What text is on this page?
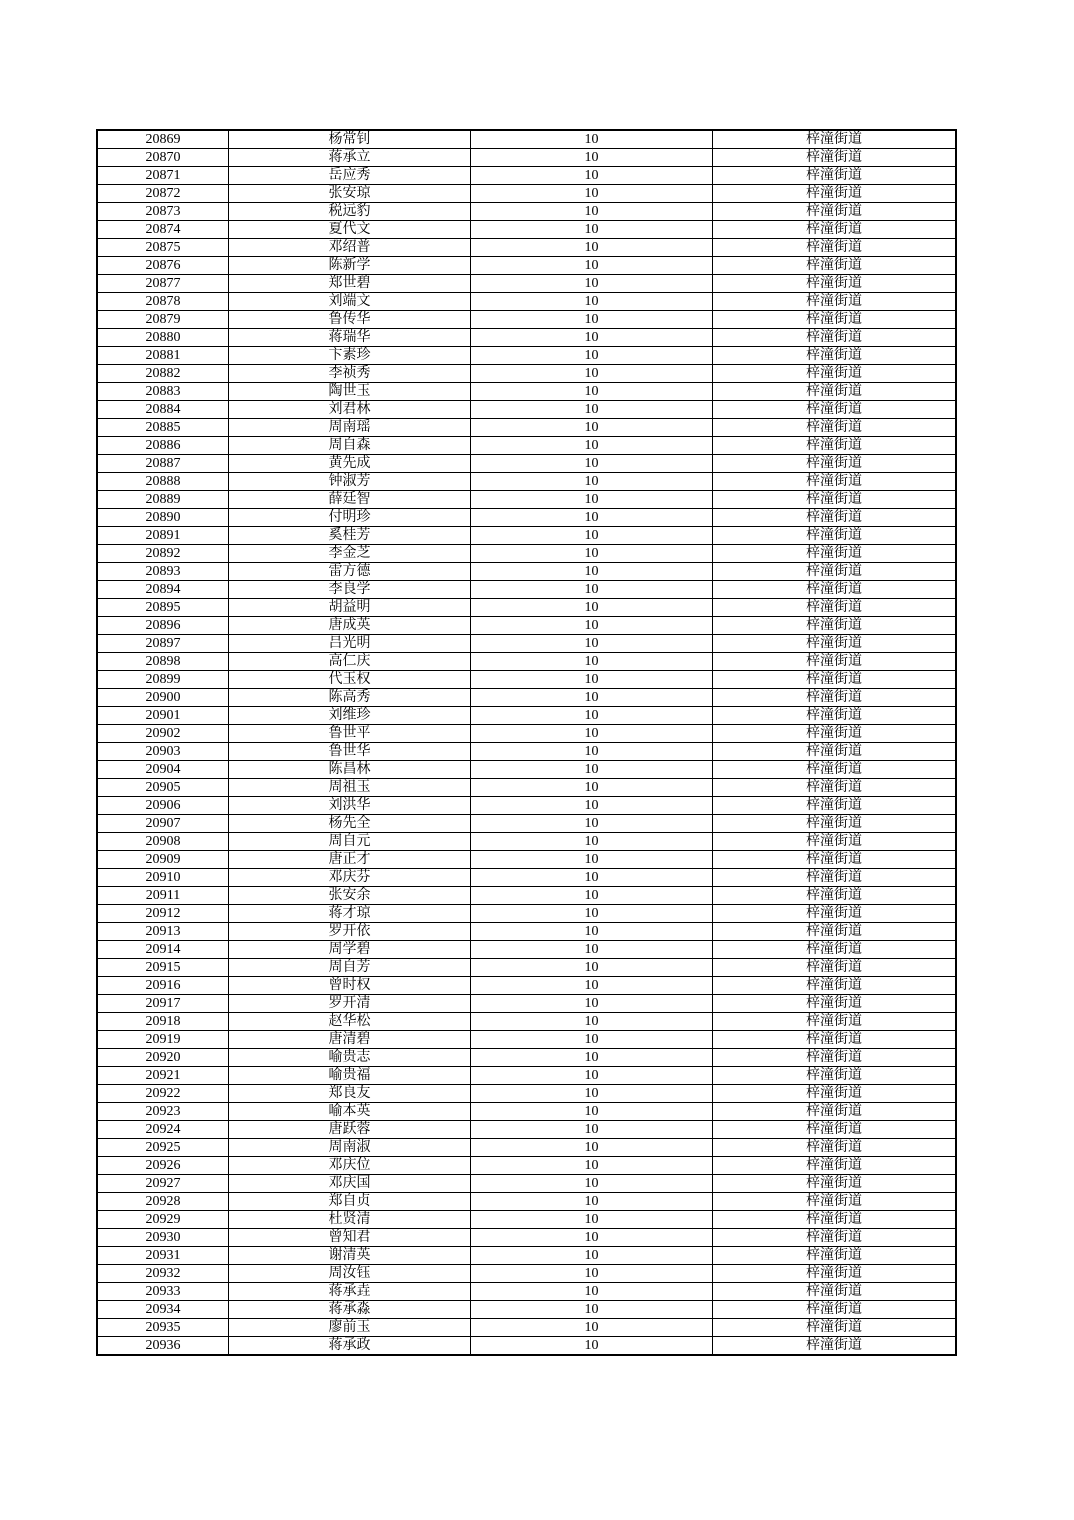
20869	杨常钊	10	梓潼街道
20870	蒋承立	10	梓潼街道
20871	岳应秀	10	梓潼街道
20872	张安琼	10	梓潼街道
20873	税远豹	10	梓潼街道
20874	夏代文	10	梓潼街道
20875	邓绍普	10	梓潼街道
20876	陈新学	10	梓潼街道
20877	郑世碧	10	梓潼街道
20878	刘端文	10	梓潼街道
20879	鲁传华	10	梓潼街道
20880	蒋瑞华	10	梓潼街道
20881	卞素珍	10	梓潼街道
20882	李祯秀	10	梓潼街道
20883	陶世玉	10	梓潼街道
20884	刘君林	10	梓潼街道
20885	周南瑶	10	梓潼街道
20886	周自森	10	梓潼街道
20887	黄先成	10	梓潼街道
20888	钟淑芳	10	梓潼街道
20889	薛廷智	10	梓潼街道
20890	付明珍	10	梓潼街道
20891	奚桂芳	10	梓潼街道
20892	李金芝	10	梓潼街道
20893	雷方德	10	梓潼街道
20894	李良学	10	梓潼街道
20895	胡益明	10	梓潼街道
20896	唐成英	10	梓潼街道
20897	吕光明	10	梓潼街道
20898	高仁庆	10	梓潼街道
20899	代玉权	10	梓潼街道
20900	陈高秀	10	梓潼街道
20901	刘维珍	10	梓潼街道
20902	鲁世平	10	梓潼街道
20903	鲁世华	10	梓潼街道
20904	陈昌林	10	梓潼街道
20905	周祖玉	10	梓潼街道
20906	刘洪华	10	梓潼街道
20907	杨先全	10	梓潼街道
20908	周自元	10	梓潼街道
20909	唐正才	10	梓潼街道
20910	邓庆芬	10	梓潼街道
20911	张安余	10	梓潼街道
20912	蒋才琼	10	梓潼街道
20913	罗开依	10	梓潼街道
20914	周学碧	10	梓潼街道
20915	周自芳	10	梓潼街道
20916	曾时权	10	梓潼街道
20917	罗开清	10	梓潼街道
20918	赵华松	10	梓潼街道
20919	唐清碧	10	梓潼街道
20920	喻贵志	10	梓潼街道
20921	喻贵福	10	梓潼街道
20922	郑良友	10	梓潼街道
20923	喻本英	10	梓潼街道
20924	唐跃蓉	10	梓潼街道
20925	周南淑	10	梓潼街道
20926	邓庆位	10	梓潼街道
20927	邓庆国	10	梓潼街道
20928	郑自贞	10	梓潼街道
20929	杜贤清	10	梓潼街道
20930	曾知君	10	梓潼街道
20931	谢清英	10	梓潼街道
20932	周汝钰	10	梓潼街道
20933	蒋承垚	10	梓潼街道
20934	蒋承淼	10	梓潼街道
20935	廖前玉	10	梓潼街道
20936	蒋承政	10	梓潼街道
